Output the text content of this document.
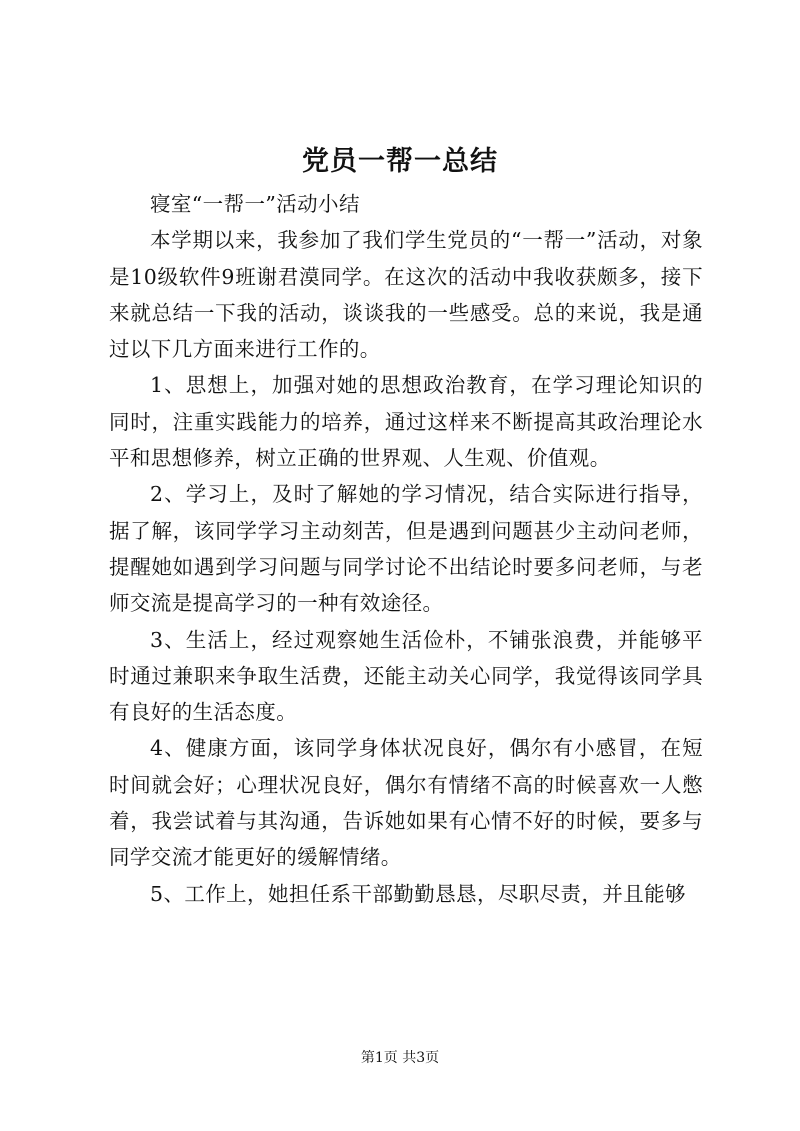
党员一帮一总结

寝室“一帮一”活动小结

本学期以来，我参加了我们学生党员的“一帮一”活动，对象是10级软件9班谢君漠同学。在这次的活动中我收获颇多，接下来就总结一下我的活动，谈谈我的一些感受。总的来说，我是通过以下几方面来进行工作的。

1、思想上，加强对她的思想政治教育，在学习理论知识的同时，注重实践能力的培养，通过这样来不断提高其政治理论水平和思想修养，树立正确的世界观、人生观、价值观。

2、学习上，及时了解她的学习情况，结合实际进行指导，据了解，该同学学习主动刻苦，但是遇到问题甚少主动问老师，提醒她如遇到学习问题与同学讨论不出结论时要多问老师，与老师交流是提高学习的一种有效途径。

3、生活上，经过观察她生活俭朴，不铺张浪费，并能够平时通过兼职来争取生活费，还能主动关心同学，我觉得该同学具有良好的生活态度。

4、健康方面，该同学身体状况良好，偶尔有小感冒，在短时间就会好；心理状况良好，偶尔有情绪不高的时候喜欢一人憋着，我尝试着与其沟通，告诉她如果有心情不好的时候，要多与同学交流才能更好的缓解情绪。

5、工作上，她担任系干部勤勤恳恳，尽职尽责，并且能够

第1页 共3页
